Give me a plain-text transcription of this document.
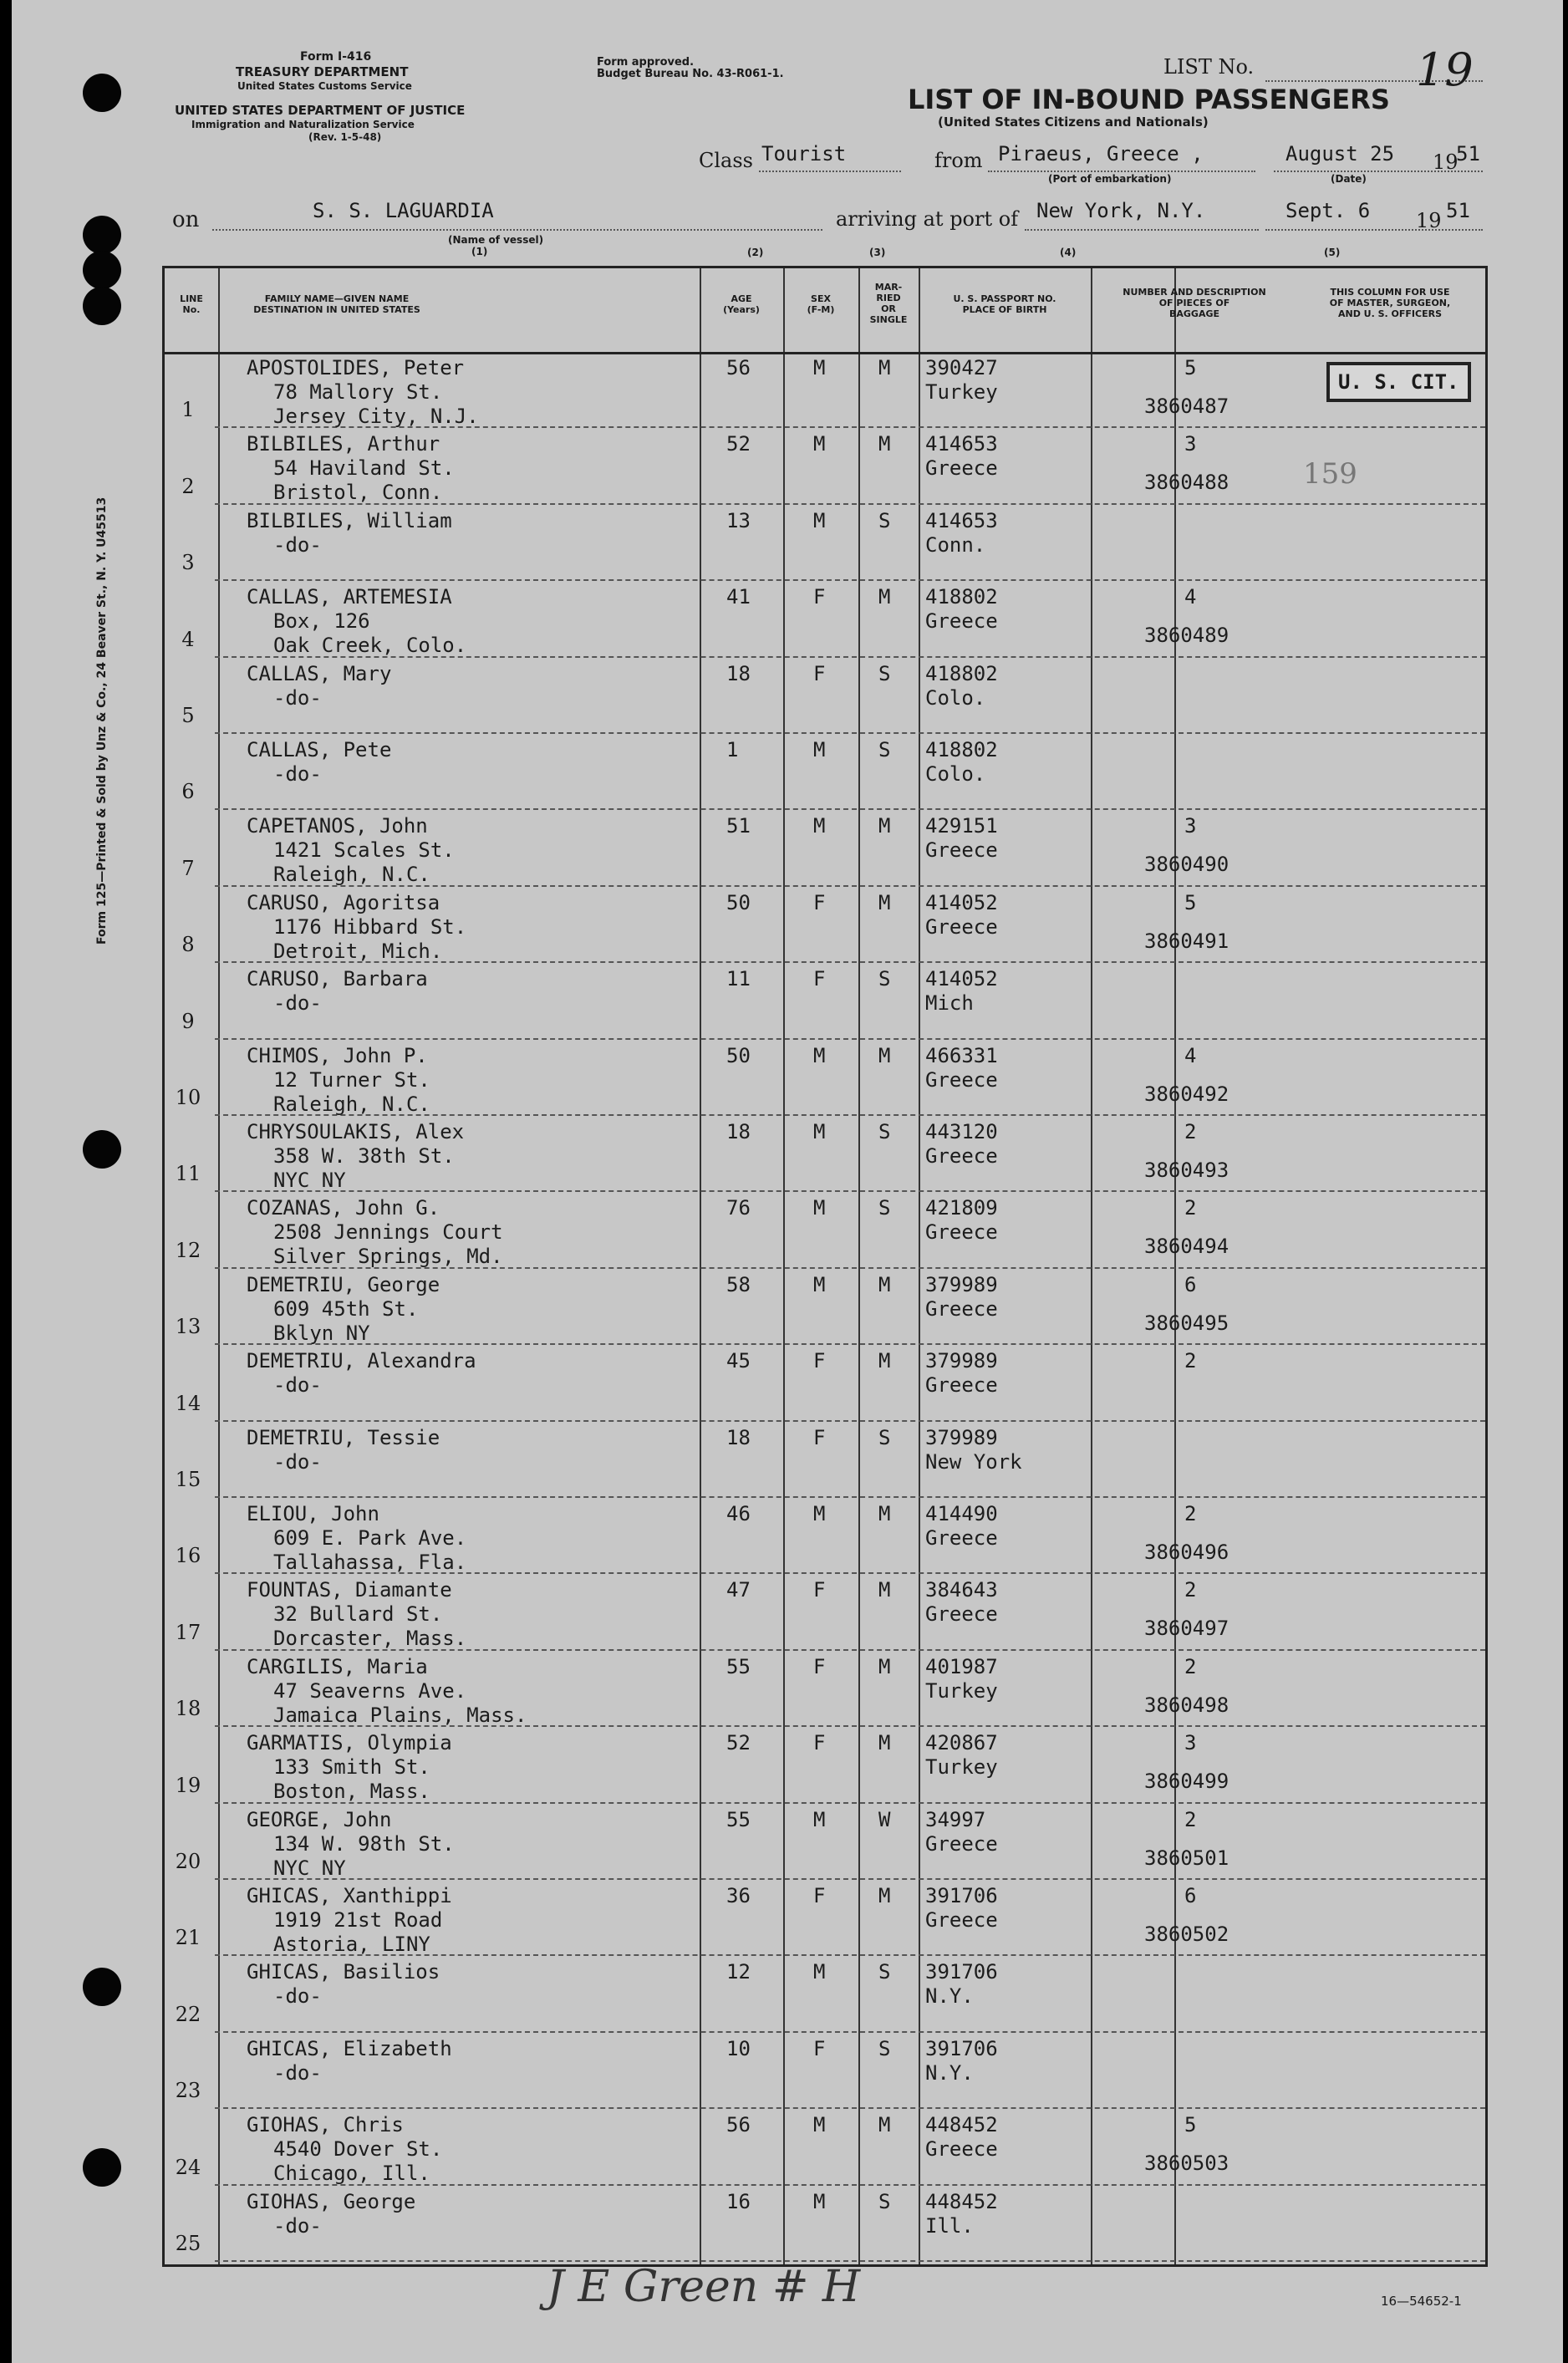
Form 125—Printed & Sold by Unz & Co., 24 Beaver St., N. Y. U45513
Form I-416
TREASURY DEPARTMENT
United States Customs Service
UNITED STATES DEPARTMENT OF JUSTICE
Immigration and Naturalization Service
(Rev. 1-5-48)
Form approved.
Budget Bureau No. 43-R061-1.	LIST No.	19
LIST OF IN-BOUND PASSENGERS
(United States Citizens and Nationals)
Class Tourist	from Piraeus, Greece ,
(Port of embarkation)
August 25 19
51
(Date)
on	S. S. LAGUARDIA
(Name of vessel)
(1)
arriving at port of New York, N.Y.	Sept. 6 19 51
(2)	(3)	(4)	(5)
LINE
No.
FAMILY NAME—GIVEN NAME
DESTINATION IN UNITED STATES
AGE
(Years)
SEX
(F-M)
MAR-
RIED
OR
SINGLE
U. S. PASSPORT NO.
PLACE OF BIRTH
NUMBER AND DESCRIPTION
OF PIECES OF
BAGGAGE
THIS COLUMN FOR USE
OF MASTER, SURGEON,
AND U. S. OFFICERS
1
APOSTOLIDES, Peter
78 Mallory St.
Jersey City, N.J.
56	M	M 390427
Turkey
5
3860487
2
BILBILES, Arthur
54 Haviland St.
Bristol, Conn.
52	M	M 414653
Greece
3
3860488
3
BILBILES, William
-do-
13	M	S 414653
Conn.
4
CALLAS, ARTEMESIA
Box, 126
Oak Creek, Colo.
41	F	M 418802
Greece
4
3860489
5
CALLAS, Mary
-do-
18	F	S 418802
Colo.
6
CALLAS, Pete
-do-
1	M	S 418802
Colo.
7
CAPETANOS, John
1421 Scales St.
Raleigh, N.C.
51	M	M 429151
Greece
3
3860490
8
CARUSO, Agoritsa
1176 Hibbard St.
Detroit, Mich.
50	F	M 414052
Greece
5
3860491
9
CARUSO, Barbara
-do-
11	F	S 414052
Mich
10
CHIMOS, John P.
12 Turner St.
Raleigh, N.C.
50	M	M 466331
Greece
4
3860492
11
CHRYSOULAKIS, Alex
358 W. 38th St.
NYC NY
18	M	S 443120
Greece
2
3860493
12
COZANAS, John G.
2508 Jennings Court
Silver Springs, Md.
76	M	S 421809
Greece
2
3860494
13
DEMETRIU, George
609 45th St.
Bklyn NY
58	M	M 379989
Greece
6
3860495
14
DEMETRIU, Alexandra
-do-
45	F	M 379989
Greece
2
15
DEMETRIU, Tessie
-do-
18	F	S 379989
New York
16
ELIOU, John
609 E. Park Ave.
Tallahassa, Fla.
46	M	M 414490
Greece
2
3860496
17
FOUNTAS, Diamante
32 Bullard St.
Dorcaster, Mass.
47	F	M 384643
Greece
2
3860497
18
CARGILIS, Maria
47 Seaverns Ave.
Jamaica Plains, Mass.
55	F	M 401987
Turkey
2
3860498
19
GARMATIS, Olympia
133 Smith St.
Boston, Mass.
52	F	M 420867
Turkey
3
3860499
20
GEORGE, John
134 W. 98th St.
NYC NY
55	M	W 34997
Greece
2
3860501
21
GHICAS, Xanthippi
1919 21st Road
Astoria, LINY
36	F	M 391706
Greece
6
3860502
22
GHICAS, Basilios
-do-
12	M	S 391706
N.Y.
23
GHICAS, Elizabeth
-do-
10	F	S 391706
N.Y.
24
GIOHAS, Chris
4540 Dover St.
Chicago, Ill.
56	M	M 448452
Greece
5
3860503
25
GIOHAS, George
-do-
16	M	S 448452
Ill.
U. S. CIT.
159
J E Green # H	16—54652-1
